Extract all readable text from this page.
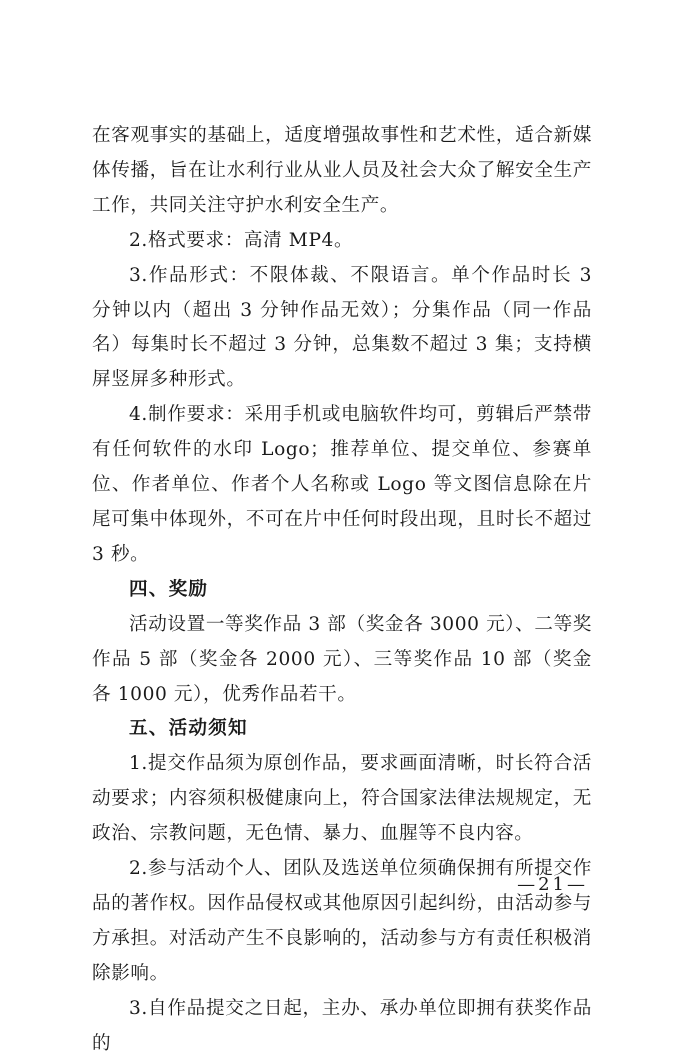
在客观事实的基础上，适度增强故事性和艺术性，适合新媒体传播，旨在让水利行业从业人员及社会大众了解安全生产工作，共同关注守护水利安全生产。

2.格式要求：高清 MP4。

3.作品形式：不限体裁、不限语言。单个作品时长 3 分钟以内（超出 3 分钟作品无效）；分集作品（同一作品名）每集时长不超过 3 分钟，总集数不超过 3 集；支持横屏竖屏多种形式。

4.制作要求：采用手机或电脑软件均可，剪辑后严禁带有任何软件的水印 Logo；推荐单位、提交单位、参赛单位、作者单位、作者个人名称或 Logo 等文图信息除在片尾可集中体现外，不可在片中任何时段出现，且时长不超过 3 秒。

四、奖励

活动设置一等奖作品 3 部（奖金各 3000 元）、二等奖作品 5 部（奖金各 2000 元）、三等奖作品 10 部（奖金各 1000 元），优秀作品若干。

五、活动须知

1.提交作品须为原创作品，要求画面清晰，时长符合活动要求；内容须积极健康向上，符合国家法律法规规定，无政治、宗教问题，无色情、暴力、血腥等不良内容。

2.参与活动个人、团队及选送单位须确保拥有所提交作品的著作权。因作品侵权或其他原因引起纠纷，由活动参与方承担。对活动产生不良影响的，活动参与方有责任积极消除影响。

3.自作品提交之日起，主办、承办单位即拥有获奖作品的

—21—
